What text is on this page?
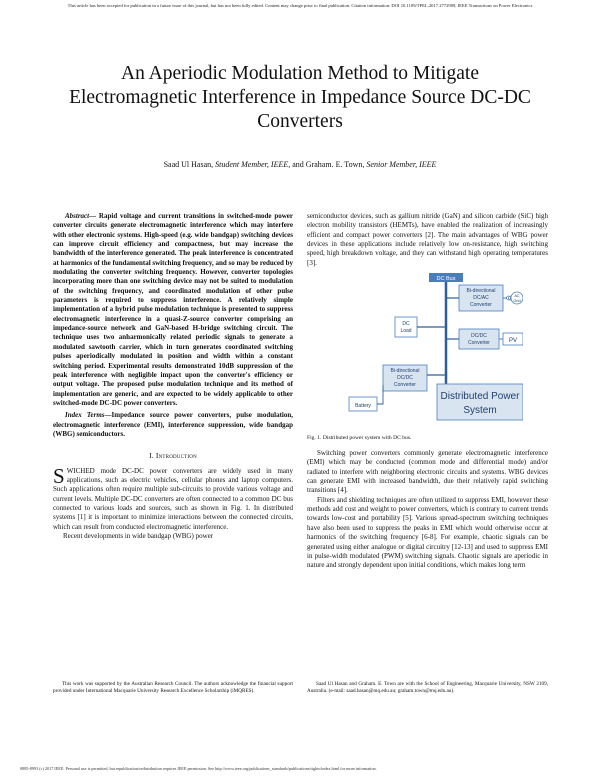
This article has been accepted for publication in a future issue of this journal, but has not been fully edited. Content may change prior to final publication. Citation information: DOI 10.1109/TPEL.2017.2772909, IEEE Transactions on Power Electronics
An Aperiodic Modulation Method to Mitigate Electromagnetic Interference in Impedance Source DC-DC Converters
Saad Ul Hasan, Student Member, IEEE, and Graham. E. Town, Senior Member, IEEE
Abstract— Rapid voltage and current transitions in switched-mode power converter circuits generate electromagnetic interference which may interfere with other electronic systems. High-speed (e.g. wide bandgap) switching devices can improve circuit efficiency and compactness, but may increase the bandwidth of the interference generated. The peak interference is concentrated at harmonics of the fundamental switching frequency, and so may be reduced by modulating the converter switching frequency. However, converter topologies incorporating more than one switching device may not be suited to modulation of the switching frequency, and coordinated modulation of other pulse parameters is required to suppress interference. A relatively simple implementation of a hybrid pulse modulation technique is presented to suppress electromagnetic interference in a quasi-Z-source converter comprising an impedance-source network and GaN-based H-bridge switching circuit. The technique uses two anharmonically related periodic signals to generate a modulated sawtooth carrier, which in turn generates coordinated switching pulses aperiodically modulated in position and width within a constant switching period. Experimental results demonstrated 10dB suppression of the peak interference with negligible impact upon the converter's efficiency or output voltage. The proposed pulse modulation technique and its method of implementation are generic, and are expected to be widely applicable to other switched-mode DC-DC power converters.
Index Terms—Impedance source power converters, pulse modulation, electromagnetic interference (EMI), interference suppression, wide bandgap (WBG) semiconductors.
I. Introduction
SWICHED mode DC-DC power converters are widely used in many applications, such as electric vehicles, cellular phones and laptop computers. Such applications often require multiple sub-circuits to provide various voltage and current levels. Multiple DC-DC converters are often connected to a common DC bus connected to various loads and sources, such as shown in Fig. 1. In distributed systems [1] it is important to minimize interactions between the connected circuits, which can result from conducted electromagnetic interference.
Recent developments in wide bandgap (WBG) power
semiconductor devices, such as gallium nitride (GaN) and silicon carbide (SiC) high electron mobility transistors (HEMTs), have enabled the realization of increasingly efficient and compact power converters [2]. The main advantages of WBG power devices in these applications include relatively low on-resistance, high switching speed, high breakdown voltage, and they can withstand high operating temperatures [3].
DC Bus
Bi-directional
DC/AC
Converter
AC
Grid
DC
Load
DC/DC
Converter	PV
Bi-directional
DC/DC
Converter
Battery
Distributed Power
System
Fig. 1. Distributed power system with DC bus.
Switching power converters commonly generate electromagnetic interference (EMI) which may be conducted (common mode and differential mode) and/or radiated to interfere with neighboring electronic circuits and systems. WBG devices can generate EMI with increased bandwidth, due their relatively rapid switching transitions [4].
Filters and shielding techniques are often utilized to suppress EMI, however these methods add cost and weight to power converters, which is contrary to current trends towards low-cost and portability [5]. Various spread-spectrum switching techniques have also been used to suppress the peaks in EMI which would otherwise occur at harmonics of the switching frequency [6-8]. For example, chaotic signals can be generated using either analogue or digital circuitry [12-13] and used to suppress EMI in pulse-width modulated (PWM) switching signals. Chaotic signals are aperiodic in nature and strongly dependent upon initial conditions, which makes long term
This work was supported by the Australian Research Council. The authors acknowledge the financial support provided under International Macquarie University Research Excellence Scholarship (iMQRES).
Saad Ul Hasan and Graham. E. Town are with the School of Engineering, Macquarie University, NSW 2109, Australia. (e-mail: saad.hasan@mq.edu.au; graham.town@mq.edu.au).
0885-8993 (c) 2017 IEEE. Personal use is permitted, but republication/redistribution requires IEEE permission. See http://www.ieee.org/publications_standards/publications/rights/index.html for more information.
